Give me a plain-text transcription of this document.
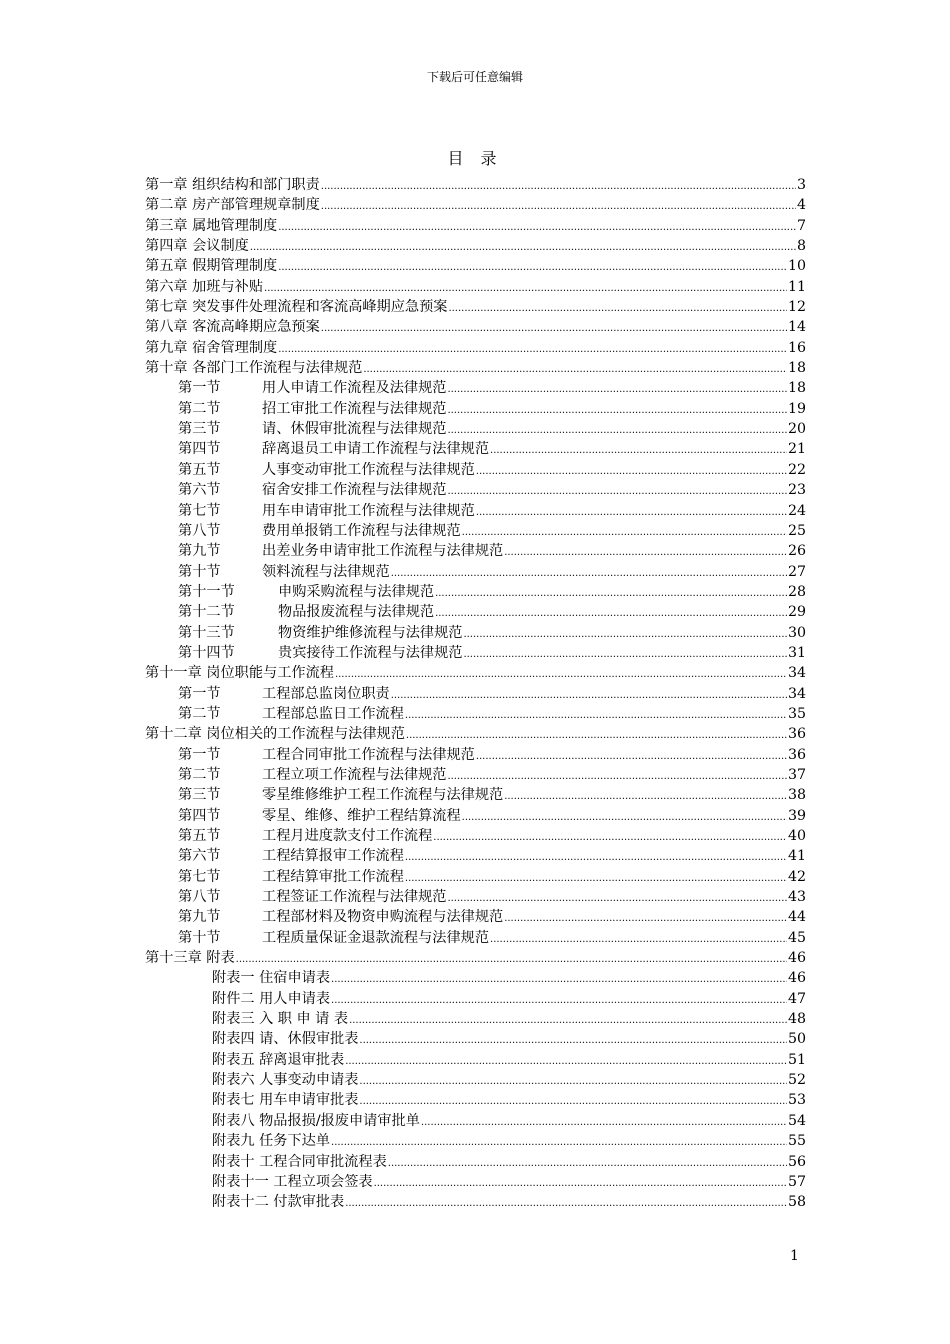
下载后可任意编辑
目 录
第一章 组织结构和部门职责 .....	3
第二章 房产部管理规章制度 .....	4
第三章 属地管理制度 .....	7
第四章 会议制度 .....	8
第五章 假期管理制度 .....	10
第六章 加班与补贴 .....	11
第七章 突发事件处理流程和客流高峰期应急预案 .....	12
第八章 客流高峰期应急预案 .....	14
第九章 宿舍管理制度 .....	16
第十章 各部门工作流程与法律规范 .....	18
第一节	用人申请工作流程及法律规范 .....	18
第二节	招工审批工作流程与法律规范 .....	19
第三节	请、休假审批流程与法律规范 .....	20
第四节	辞离退员工申请工作流程与法律规范 .....	21
第五节	人事变动审批工作流程与法律规范 .....	22
第六节	宿舍安排工作流程与法律规范 .....	23
第七节	用车申请审批工作流程与法律规范 .....	24
第八节	费用单报销工作流程与法律规范 .....	25
第九节	出差业务申请审批工作流程与法律规范 .....	26
第十节	领料流程与法律规范 .....	27
第十一节	申购采购流程与法律规范 .....	28
第十二节	物品报废流程与法律规范 .....	29
第十三节	物资维护维修流程与法律规范 .....	30
第十四节	贵宾接待工作流程与法律规范 .....	31
第十一章 岗位职能与工作流程 .....	34
第一节	工程部总监岗位职责 .....	34
第二节	工程部总监日工作流程 .....	35
第十二章 岗位相关的工作流程与法律规范 .....	36
第一节	工程合同审批工作流程与法律规范 .....	36
第二节	工程立项工作流程与法律规范 .....	37
第三节	零星维修维护工程工作流程与法律规范 .....	38
第四节	零星、维修、维护工程结算流程 .....	39
第五节	工程月进度款支付工作流程 .....	40
第六节	工程结算报审工作流程 .....	41
第七节	工程结算审批工作流程 .....	42
第八节	工程签证工作流程与法律规范 .....	43
第九节	工程部材料及物资申购流程与法律规范 .....	44
第十节	工程质量保证金退款流程与法律规范 .....	45
第十三章 附表 .....	46
附表一 住宿申请表 .....	46
附件二 用人申请表 .....	47
附表三 入 职 申 请 表 .....	48
附表四 请、休假审批表 .....	50
附表五 辞离退审批表 .....	51
附表六 人事变动申请表 .....	52
附表七 用车申请审批表 .....	53
附表八 物品报损/报废申请审批单 .....	54
附表九 任务下达单 .....	55
附表十 工程合同审批流程表 .....	56
附表十一 工程立项会签表 .....	57
附表十二 付款审批表 .....	58
1
